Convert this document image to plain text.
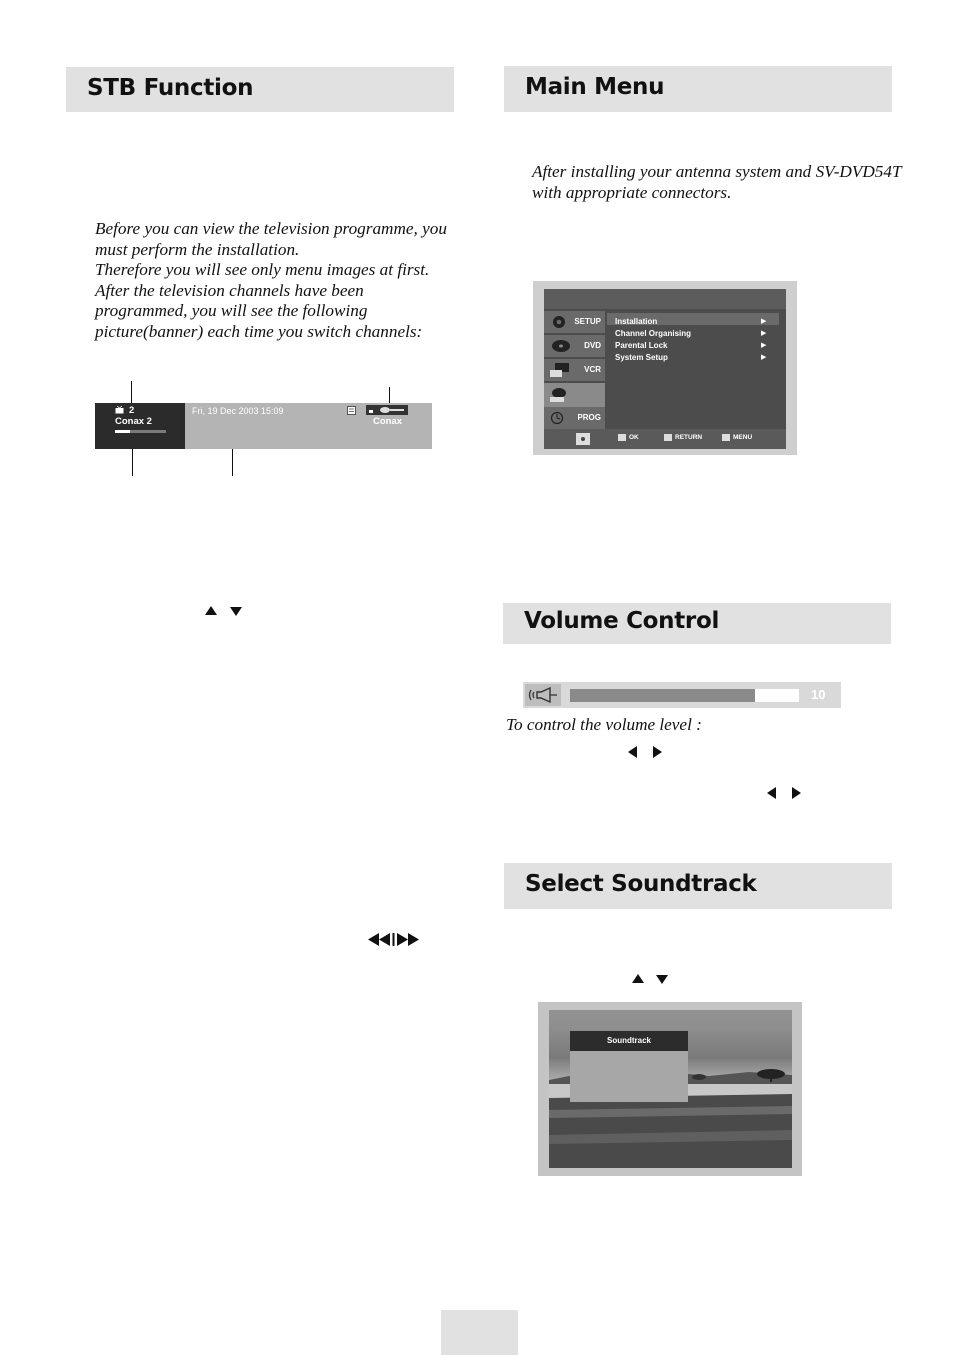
STB Function
Before you can view the television programme, you
must perform the installation.
Therefore you will see only menu images at first.
After the television channels have been
programmed, you will see the following
picture(banner) each time you switch channels:
2
Conax 2
Fri, 19 Dec 2003 15:09
Conax
Main Menu
After installing your antenna system and SV-DVD54T
with appropriate connectors.
SETUP
DVD
VCR
PROG
Installation	▶
Channel Organising	▶
Parental Lock	▶
System Setup	▶
OK	RETURN	MENU
Volume Control
10
To control the volume level :
Select Soundtrack
Soundtrack
